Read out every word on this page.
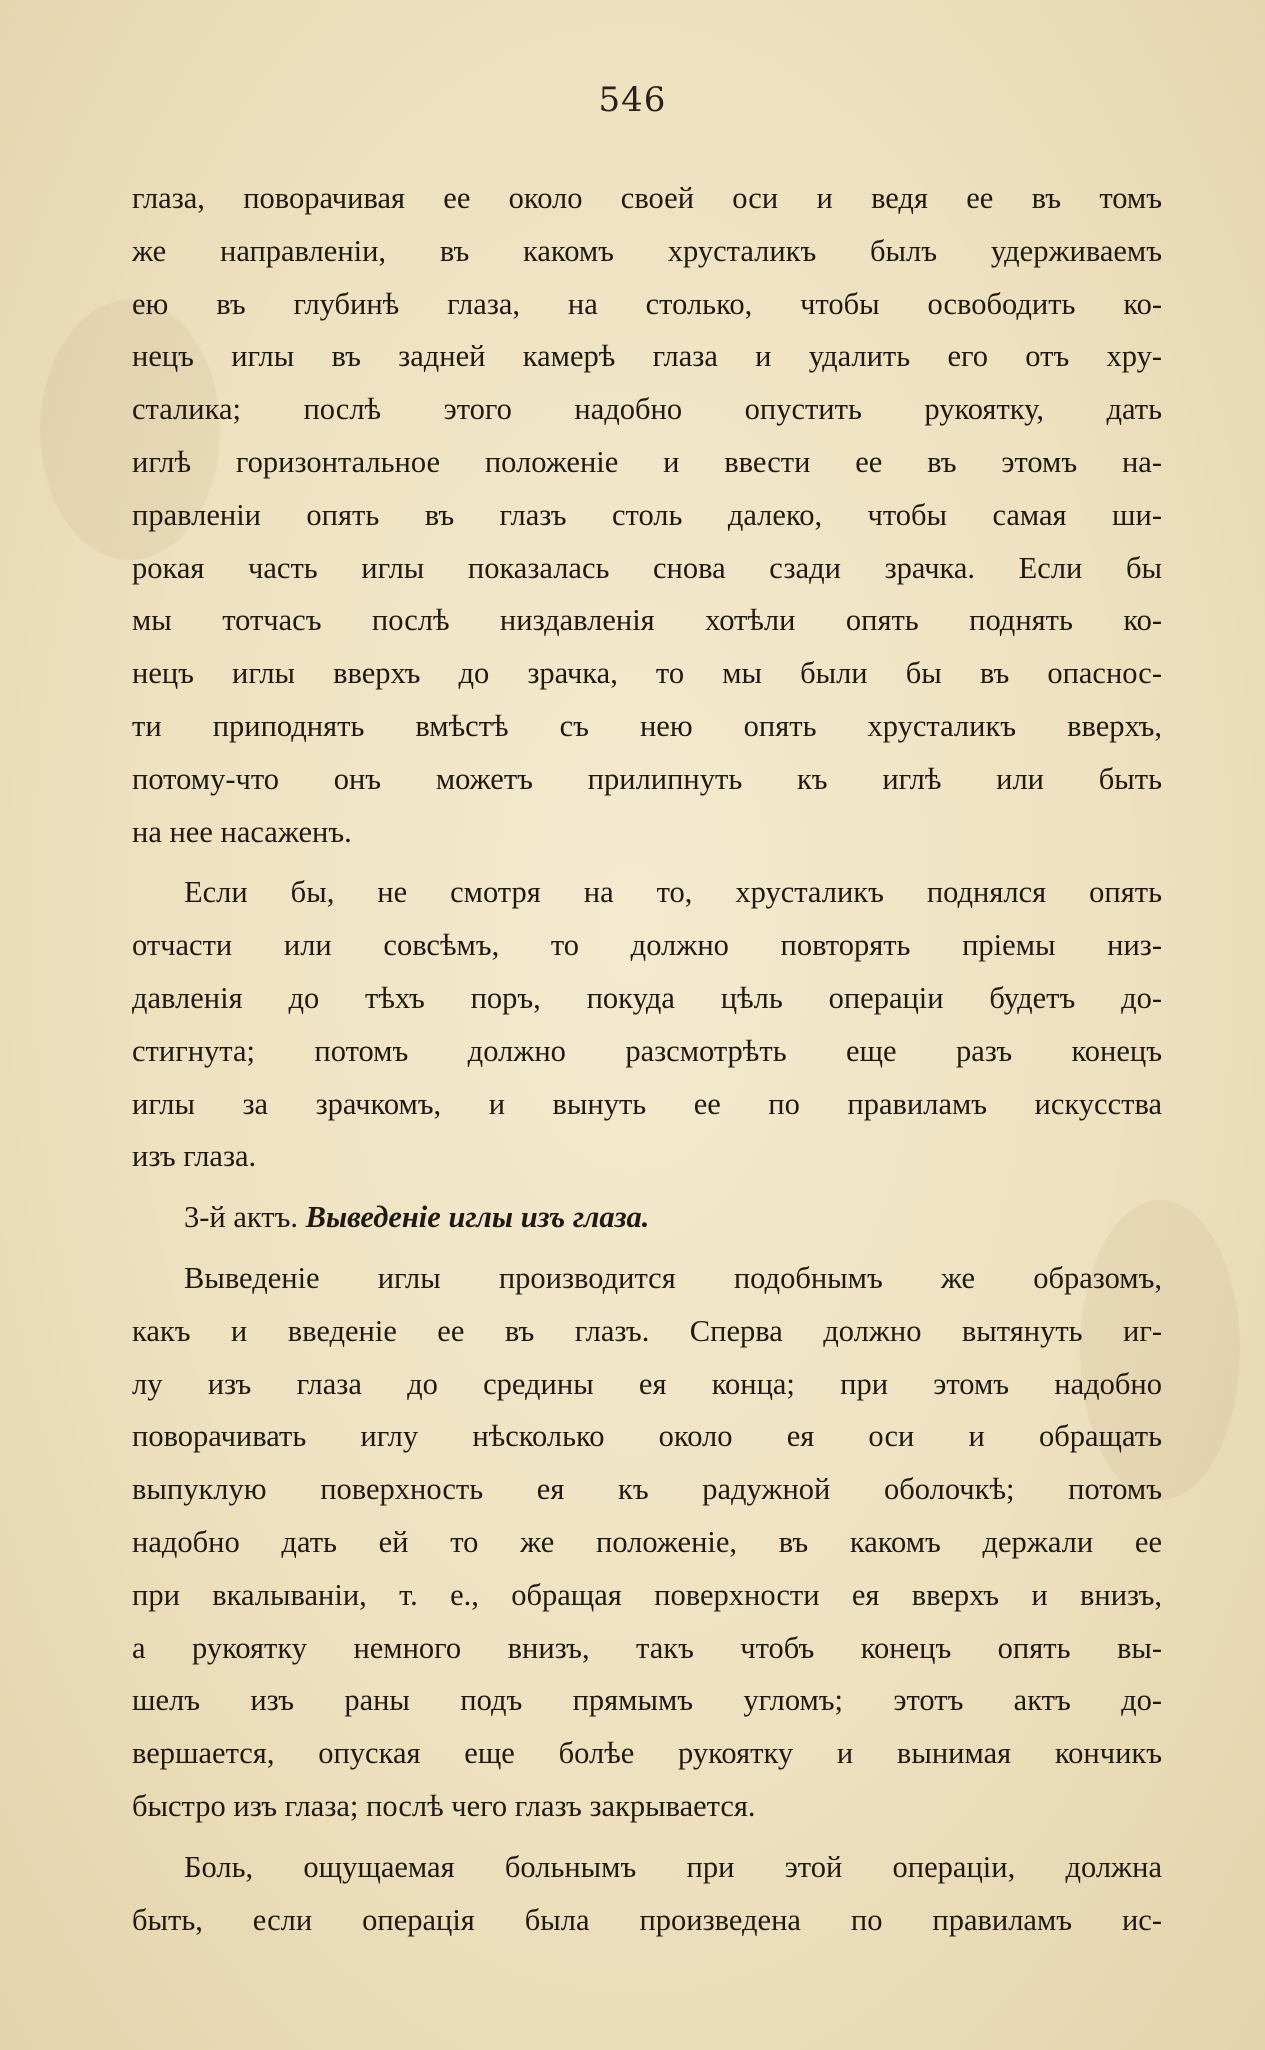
546
глаза, поворачивая ее около своей оси и ведя ее въ томъ
же направленіи, въ какомъ хрусталикъ былъ удерживаемъ
ею въ глубинѣ глаза, на столько, чтобы освободить ко-
нецъ иглы въ задней камерѣ глаза и удалить его отъ хру-
сталика; послѣ этого надобно опустить рукоятку, дать
иглѣ горизонтальное положеніе и ввести ее въ этомъ на-
правленіи опять въ глазъ столь далеко, чтобы самая ши-
рокая часть иглы показалась снова сзади зрачка. Если бы
мы тотчасъ послѣ низдавленія хотѣли опять поднять ко-
нецъ иглы вверхъ до зрачка, то мы были бы въ опаснос-
ти приподнять вмѣстѣ съ нею опять хрусталикъ вверхъ,
потому-что онъ можетъ прилипнуть къ иглѣ или быть
на нее насаженъ.
Если бы, не смотря на то, хрусталикъ поднялся опять
отчасти или совсѣмъ, то должно повторять пріемы низ-
давленія до тѣхъ поръ, покуда цѣль операціи будетъ до-
стигнута; потомъ должно разсмотрѣть еще разъ конецъ
иглы за зрачкомъ, и вынуть ее по правиламъ искусства
изъ глаза.
3-й актъ. Выведеніе иглы изъ глаза.
Выведеніе иглы производится подобнымъ же образомъ,
какъ и введеніе ее въ глазъ. Сперва должно вытянуть иг-
лу изъ глаза до средины ея конца; при этомъ надобно
поворачивать иглу нѣсколько около ея оси и обращать
выпуклую поверхность ея къ радужной оболочкѣ; потомъ
надобно дать ей то же положеніе, въ какомъ держали ее
при вкалываніи, т. е., обращая поверхности ея вверхъ и внизъ,
а рукоятку немного внизъ, такъ чтобъ конецъ опять вы-
шелъ изъ раны подъ прямымъ угломъ; этотъ актъ до-
вершается, опуская еще болѣе рукоятку и вынимая кончикъ
быстро изъ глаза; послѣ чего глазъ закрывается.
Боль, ощущаемая больнымъ при этой операціи, должна
быть, если операція была произведена по правиламъ ис-
